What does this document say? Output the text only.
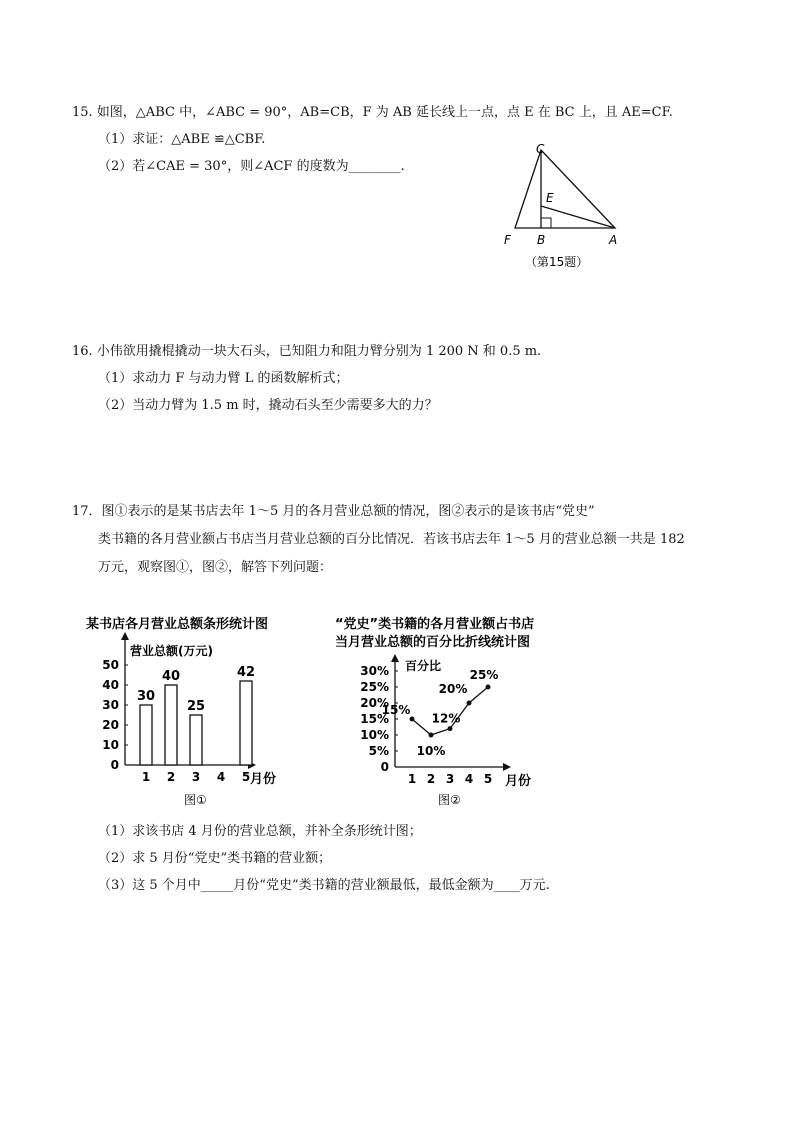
15. 如图，△ABC 中，∠ABC = 90°，AB=CB，F 为 AB 延长线上一点，点 E 在 BC 上，且 AE=CF.
（1）求证：△ABE ≌△CBF.
（2）若∠CAE = 30°，则∠ACF 的度数为________.
C
E
F B	A
（第15题）
16. 小伟欲用撬棍撬动一块大石头，已知阻力和阻力臂分别为 1 200 N 和 0.5 m.
（1）求动力 F 与动力臂 L 的函数解析式；
（2）当动力臂为 1.5 m 时，撬动石头至少需要多大的力？
17．图①表示的是某书店去年 1～5 月的各月营业总额的情况，图②表示的是该书店“党史”
类书籍的各月营业额占书店当月营业总额的百分比情况．若该书店去年 1～5 月的营业总额一共是 182
万元，观察图①，图②，解答下列问题：
某书店各月营业总额条形统计图
营业总额(万元)
月份
图①
0
10
20
30
40
50
1
30
2
40
3
25
4 5
42
“党史”类书籍的各月营业额占书店
当月营业总额的百分比折线统计图
百分比
月份
图②
0
5%
10%
15%
20%
25%
30%
1
15%
2
10%
3
12%
4
20%
5
25%
（1）求该书店 4 月份的营业总额，并补全条形统计图；
（2）求 5 月份“党史”类书籍的营业额；
（3）这 5 个月中_____月份“党史”类书籍的营业额最低，最低金额为____万元.
